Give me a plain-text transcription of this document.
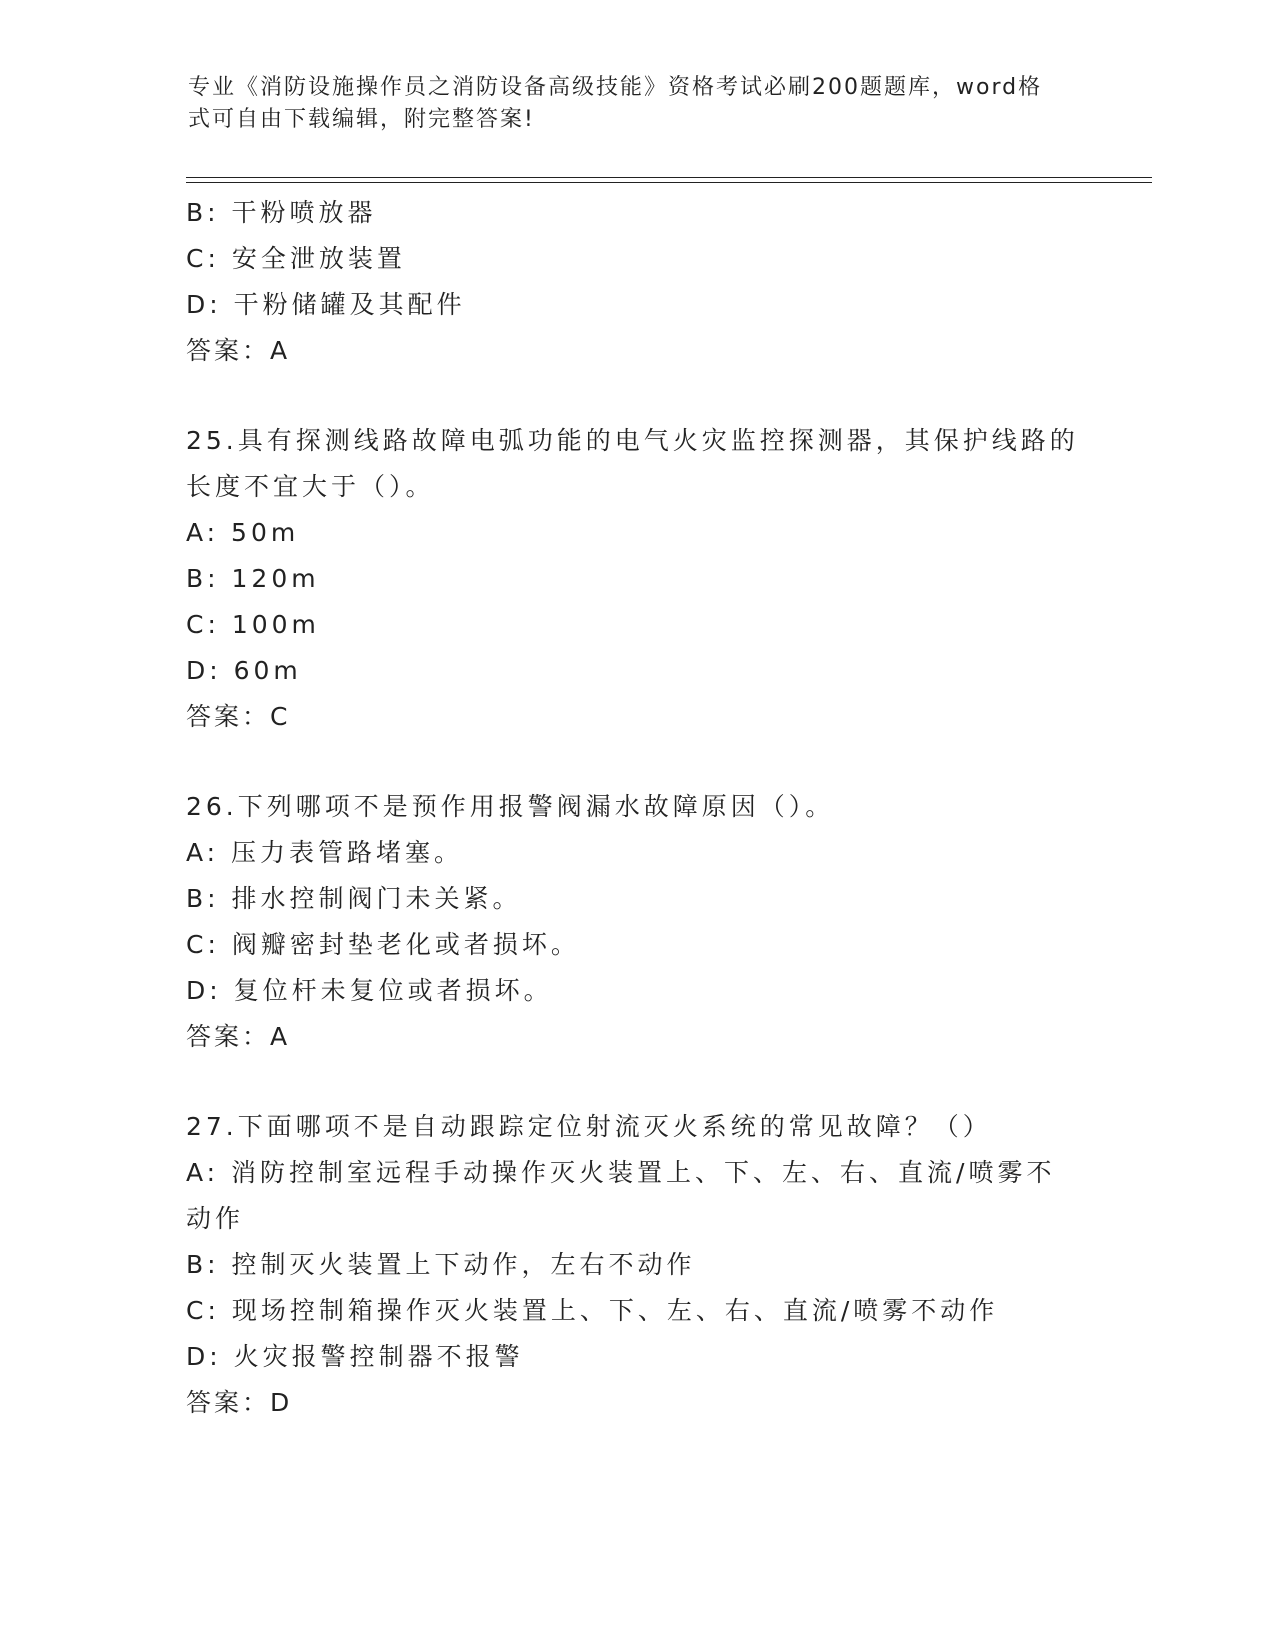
专业《消防设施操作员之消防设备高级技能》资格考试必刷200题题库，word格
式可自由下载编辑，附完整答案!

B: 干粉喷放器

C: 安全泄放装置

D: 干粉储罐及其配件

答案：A

25.具有探测线路故障电弧功能的电气火灾监控探测器，其保护线路的

长度不宜大于（）。

A: 50m

B: 120m

C: 100m

D: 60m

答案：C

26.下列哪项不是预作用报警阀漏水故障原因（）。

A: 压力表管路堵塞。

B: 排水控制阀门未关紧。

C: 阀瓣密封垫老化或者损坏。

D: 复位杆未复位或者损坏。

答案：A

27.下面哪项不是自动跟踪定位射流灭火系统的常见故障？（）

A: 消防控制室远程手动操作灭火装置上、下、左、右、直流/喷雾不

动作

B: 控制灭火装置上下动作，左右不动作

C: 现场控制箱操作灭火装置上、下、左、右、直流/喷雾不动作

D: 火灾报警控制器不报警

答案：D
